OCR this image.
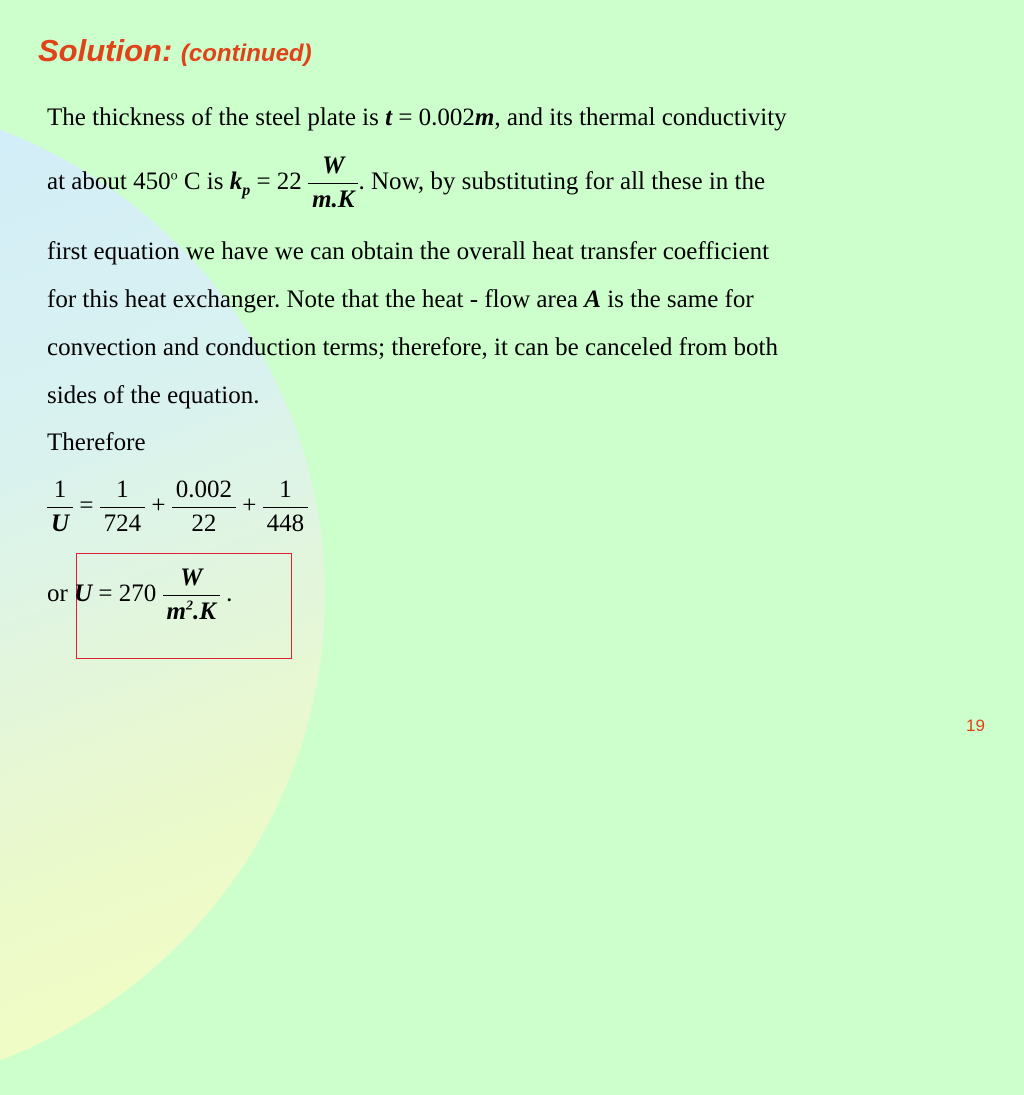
Solution: (continued)
The thickness of the steel plate is t = 0.002m, and its thermal conductivity
at about 450$^o$ C is $k_p = 22 \frac{W}{m.K}$ . Now, by substituting for all these in the
first equation we have we can obtain the overall heat transfer coefficient
for this heat exchanger. Note that the heat - flow area A is the same for
convection and conduction terms; therefore, it can be canceled from both
sides of the equation.
Therefore
$\frac{1}{U} = \frac{1}{724} + \frac{0.002}{22} + \frac{1}{448}$
or $U = 270 \frac{W}{m^2.K}$ .
19
